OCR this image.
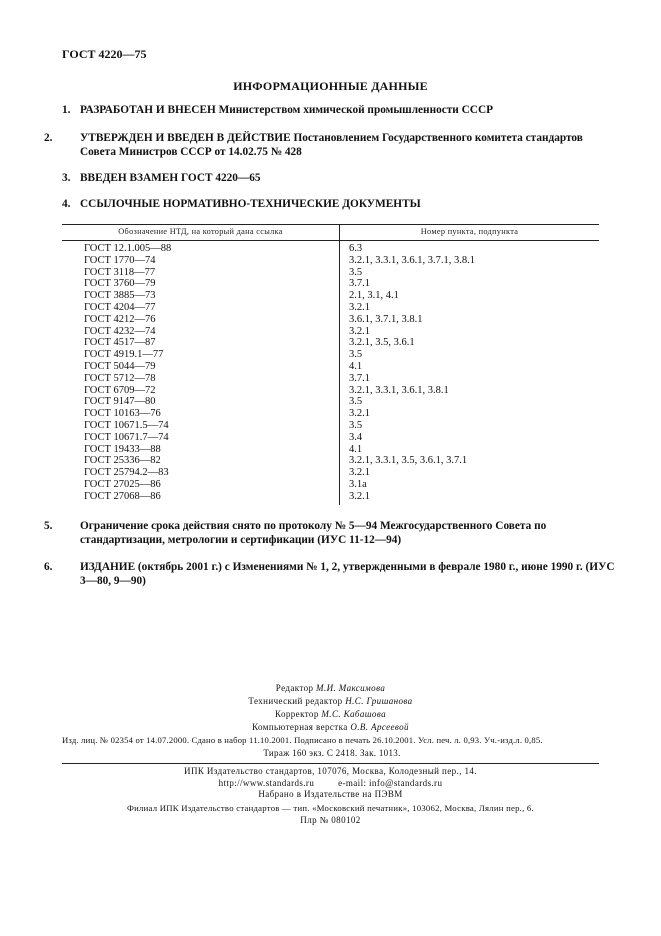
ГОСТ 4220—75
ИНФОРМАЦИОННЫЕ ДАННЫЕ
1. РАЗРАБОТАН И ВНЕСЕН Министерством химической промышленности СССР
2. УТВЕРЖДЕН И ВВЕДЕН В ДЕЙСТВИЕ Постановлением Государственного комитета стандартов Совета Министров СССР от 14.02.75 № 428
3. ВВЕДЕН ВЗАМЕН ГОСТ 4220—65
4. ССЫЛОЧНЫЕ НОРМАТИВНО-ТЕХНИЧЕСКИЕ ДОКУМЕНТЫ
Обозначение НТД, на который дана ссылка	Номер пункта, подпункта
ГОСТ 12.1.005—88	6.3
ГОСТ 1770—74	3.2.1, 3.3.1, 3.6.1, 3.7.1, 3.8.1
ГОСТ 3118—77	3.5
ГОСТ 3760—79	3.7.1
ГОСТ 3885—73	2.1, 3.1, 4.1
ГОСТ 4204—77	3.2.1
ГОСТ 4212—76	3.6.1, 3.7.1, 3.8.1
ГОСТ 4232—74	3.2.1
ГОСТ 4517—87	3.2.1, 3.5, 3.6.1
ГОСТ 4919.1—77	3.5
ГОСТ 5044—79	4.1
ГОСТ 5712—78	3.7.1
ГОСТ 6709—72	3.2.1, 3.3.1, 3.6.1, 3.8.1
ГОСТ 9147—80	3.5
ГОСТ 10163—76	3.2.1
ГОСТ 10671.5—74	3.5
ГОСТ 10671.7—74	3.4
ГОСТ 19433—88	4.1
ГОСТ 25336—82	3.2.1, 3.3.1, 3.5, 3.6.1, 3.7.1
ГОСТ 25794.2—83	3.2.1
ГОСТ 27025—86	3.1а
ГОСТ 27068—86	3.2.1
5. Ограничение срока действия снято по протоколу № 5—94 Межгосударственного Совета по стандартизации, метрологии и сертификации (ИУС 11-12—94)
6. ИЗДАНИЕ (октябрь 2001 г.) с Изменениями № 1, 2, утвержденными в феврале 1980 г., июне 1990 г. (ИУС 3—80, 9—90)
Редактор М.И. Максимова
Технический редактор Н.С. Гришанова
Корректор М.С. Кабашова
Компьютерная верстка О.В. Арсеевой
Изд. лиц. № 02354 от 14.07.2000. Сдано в набор 11.10.2001. Подписано в печать 26.10.2001. Усл. печ. л. 0,93. Уч.-изд.л. 0,85.
Тираж 160 экз. С 2418. Зак. 1013.
ИПК Издательство стандартов, 107076, Москва, Колодезный пер., 14.
http://www.standards.ru	e-mail: info@standards.ru
Набрано в Издательстве на ПЭВМ
Филиал ИПК Издательство стандартов — тип. «Московский печатник», 103062, Москва, Лялин пер., 6.
Плр № 080102
